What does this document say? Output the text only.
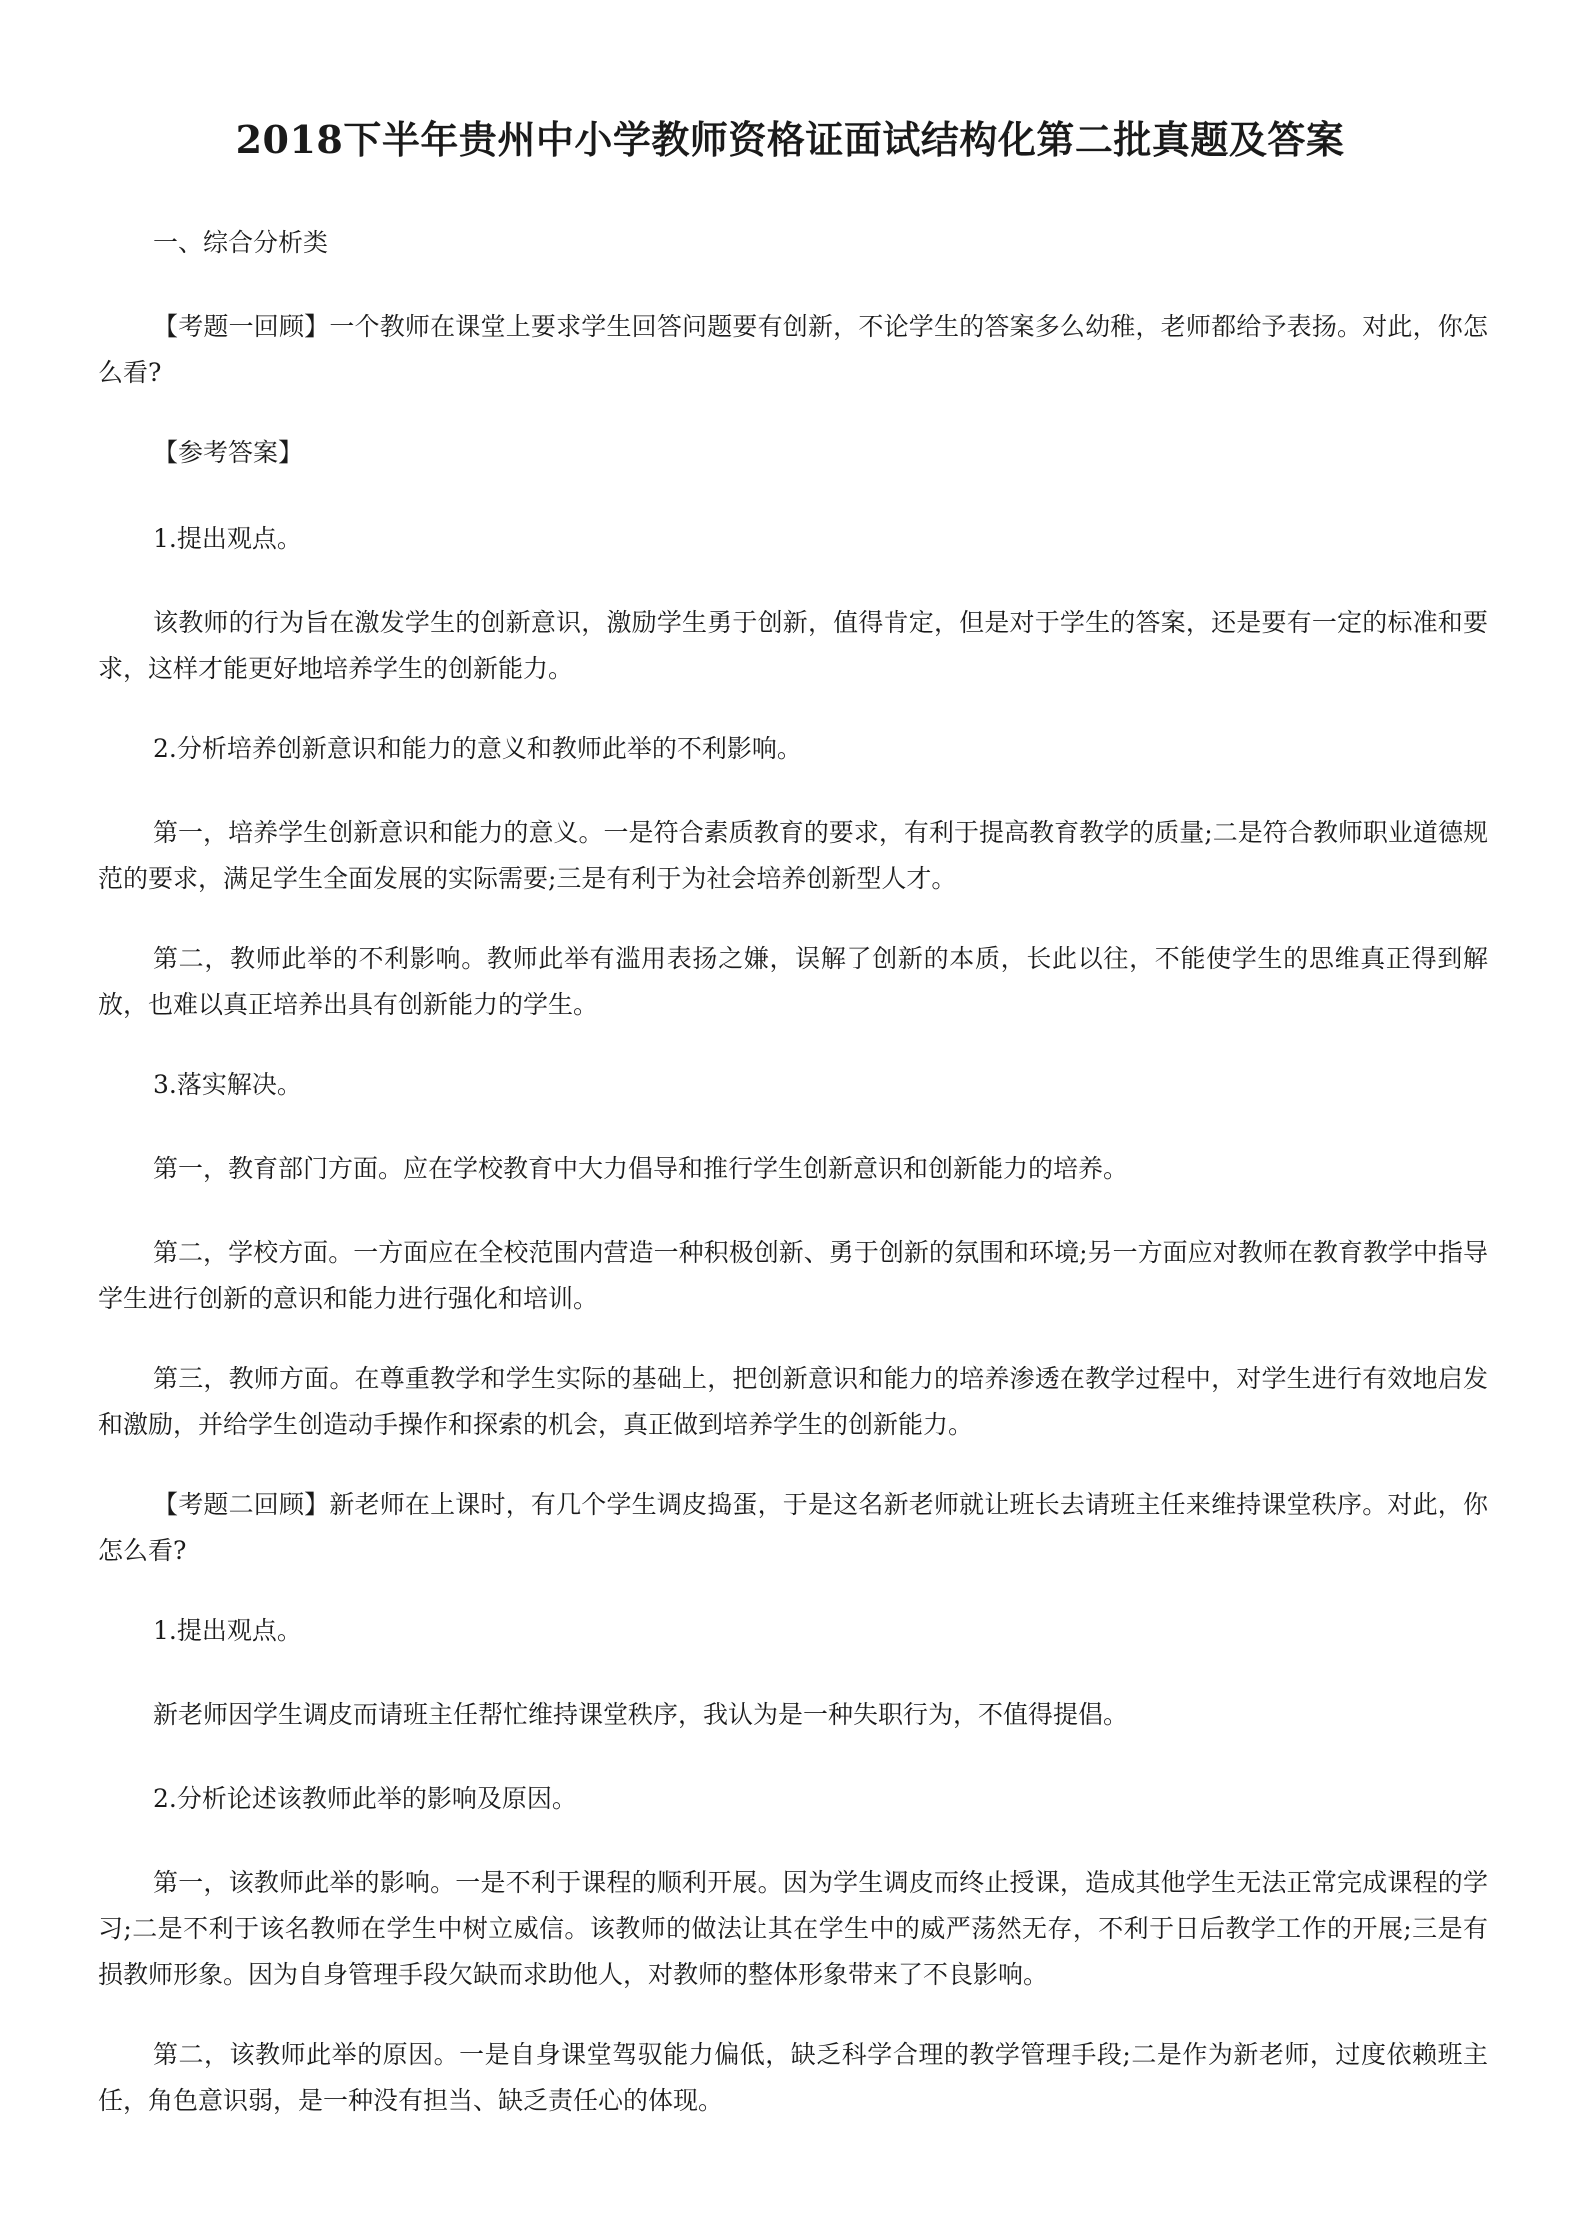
2018下半年贵州中小学教师资格证面试结构化第二批真题及答案
一、综合分析类
【考题一回顾】一个教师在课堂上要求学生回答问题要有创新，不论学生的答案多么幼稚，老师都给予表扬。对此，你怎么看?
【参考答案】
1.提出观点。
该教师的行为旨在激发学生的创新意识，激励学生勇于创新，值得肯定，但是对于学生的答案，还是要有一定的标准和要求，这样才能更好地培养学生的创新能力。
2.分析培养创新意识和能力的意义和教师此举的不利影响。
第一，培养学生创新意识和能力的意义。一是符合素质教育的要求，有利于提高教育教学的质量;二是符合教师职业道德规范的要求，满足学生全面发展的实际需要;三是有利于为社会培养创新型人才。
第二，教师此举的不利影响。教师此举有滥用表扬之嫌，误解了创新的本质，长此以往，不能使学生的思维真正得到解放，也难以真正培养出具有创新能力的学生。
3.落实解决。
第一，教育部门方面。应在学校教育中大力倡导和推行学生创新意识和创新能力的培养。
第二，学校方面。一方面应在全校范围内营造一种积极创新、勇于创新的氛围和环境;另一方面应对教师在教育教学中指导学生进行创新的意识和能力进行强化和培训。
第三，教师方面。在尊重教学和学生实际的基础上，把创新意识和能力的培养渗透在教学过程中，对学生进行有效地启发和激励，并给学生创造动手操作和探索的机会，真正做到培养学生的创新能力。
【考题二回顾】新老师在上课时，有几个学生调皮捣蛋，于是这名新老师就让班长去请班主任来维持课堂秩序。对此，你怎么看?
1.提出观点。
新老师因学生调皮而请班主任帮忙维持课堂秩序，我认为是一种失职行为，不值得提倡。
2.分析论述该教师此举的影响及原因。
第一，该教师此举的影响。一是不利于课程的顺利开展。因为学生调皮而终止授课，造成其他学生无法正常完成课程的学习;二是不利于该名教师在学生中树立威信。该教师的做法让其在学生中的威严荡然无存，不利于日后教学工作的开展;三是有损教师形象。因为自身管理手段欠缺而求助他人，对教师的整体形象带来了不良影响。
第二，该教师此举的原因。一是自身课堂驾驭能力偏低，缺乏科学合理的教学管理手段;二是作为新老师，过度依赖班主任，角色意识弱，是一种没有担当、缺乏责任心的体现。
